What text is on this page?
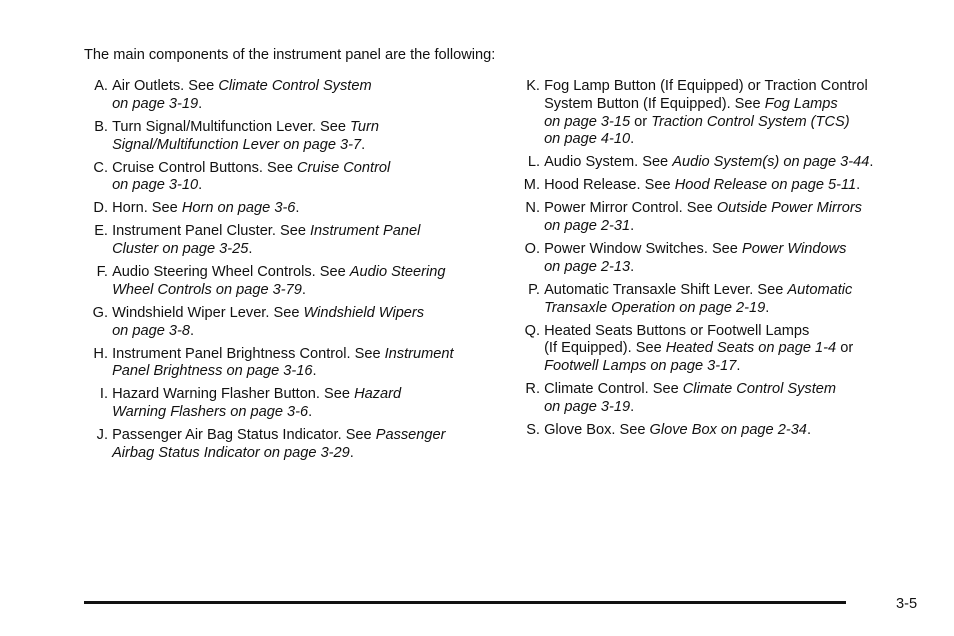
The main components of the instrument panel are the following:
A. Air Outlets. See Climate Control System
on page 3-19.
B. Turn Signal/Multifunction Lever. See Turn
Signal/Multifunction Lever on page 3-7.
C. Cruise Control Buttons. See Cruise Control
on page 3-10.
D. Horn. See Horn on page 3-6.
E. Instrument Panel Cluster. See Instrument Panel
Cluster on page 3-25.
F. Audio Steering Wheel Controls. See Audio Steering
Wheel Controls on page 3-79.
G. Windshield Wiper Lever. See Windshield Wipers
on page 3-8.
H. Instrument Panel Brightness Control. See Instrument
Panel Brightness on page 3-16.
I. Hazard Warning Flasher Button. See Hazard
Warning Flashers on page 3-6.
J. Passenger Air Bag Status Indicator. See Passenger
Airbag Status Indicator on page 3-29.
K. Fog Lamp Button (If Equipped) or Traction Control
System Button (If Equipped). See Fog Lamps
on page 3-15 or Traction Control System (TCS)
on page 4-10.
L. Audio System. See Audio System(s) on page 3-44.
M. Hood Release. See Hood Release on page 5-11.
N. Power Mirror Control. See Outside Power Mirrors
on page 2-31.
O. Power Window Switches. See Power Windows
on page 2-13.
P. Automatic Transaxle Shift Lever. See Automatic
Transaxle Operation on page 2-19.
Q. Heated Seats Buttons or Footwell Lamps
(If Equipped). See Heated Seats on page 1-4 or
Footwell Lamps on page 3-17.
R. Climate Control. See Climate Control System
on page 3-19.
S. Glove Box. See Glove Box on page 2-34.
3-5
